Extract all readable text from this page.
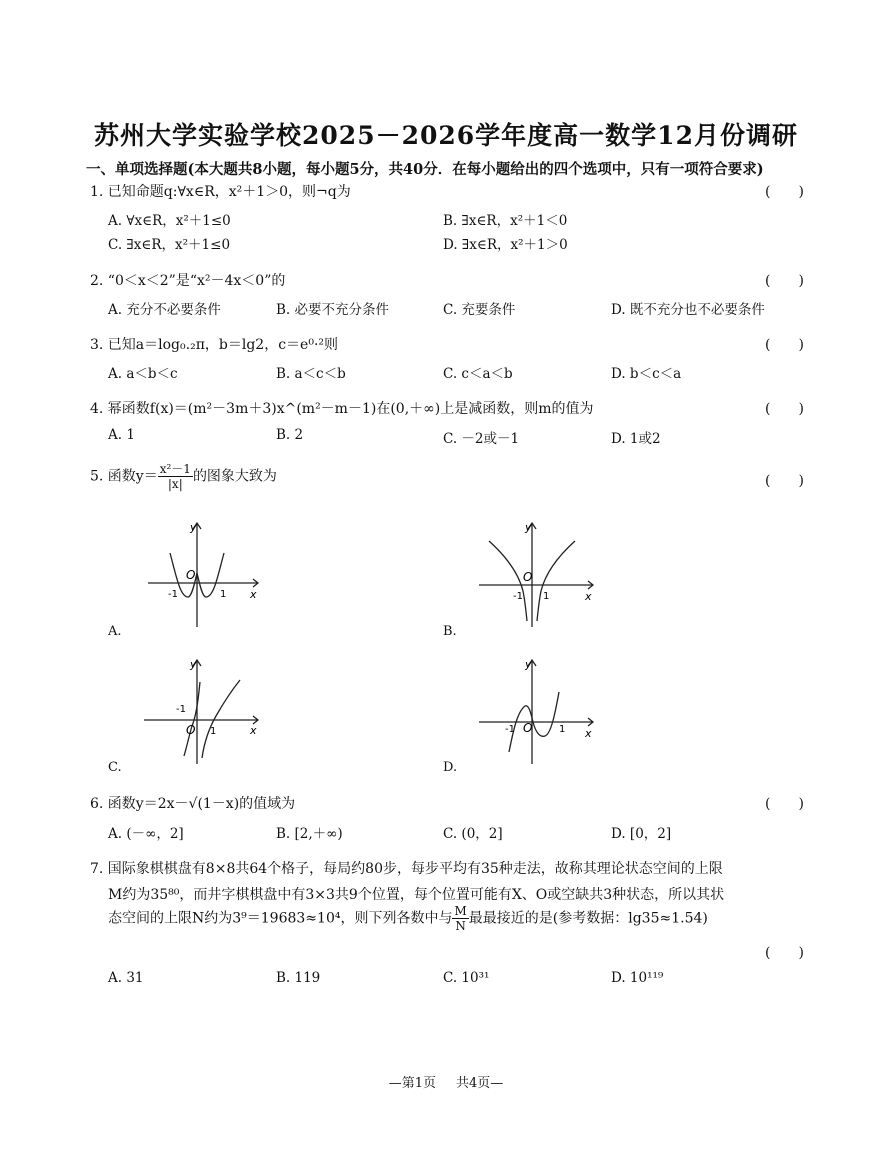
苏州大学实验学校2025－2026学年度高一数学12月份调研
一、单项选择题(本大题共8小题，每小题5分，共40分．在每小题给出的四个选项中，只有一项符合要求)
1. 已知命题q:∀x∈R，x²＋1＞0，则¬q为	(　　)
A. ∀x∈R，x²＋1≤0	B. ∃x∈R，x²＋1＜0
C. ∃x∈R，x²＋1≤0	D. ∃x∈R，x²＋1＞0
2. “0＜x＜2”是“x²－4x＜0”的	(　　)
A. 充分不必要条件	B. 必要不充分条件	C. 充要条件	D. 既不充分也不必要条件
3. 已知a＝log₀.₂π，b＝lg2，c＝e⁰·²则	(　　)
A. a＜b＜c	B. a＜c＜b	C. c＜a＜b	D. b＜c＜a
4. 幂函数f(x)＝(m²－3m＋3)x^(m²－m－1)在(0,＋∞)上是减函数，则m的值为	(　　)
A. 1	B. 2	C. －2或－1	D. 1或2
5. 函数$y= \frac{\text{x²－1}}{|x|}$ 的图象大致为	(　　)
y
x
O
-1	1
A.
y
x
O
-1 1
B.
y
x
O
-1
1
C.
y
x
O
-1	1
D.
6. 函数y＝2x－√(1－x)的值域为	(　　)
A. (－∞，2]	B. [2,＋∞)	C. (0，2]	D. [0，2]
7. 国际象棋棋盘有8×8共64个格子，每局约80步，每步平均有35种走法，故称其理论状态空间的上限
M约为35⁸⁰，而井字棋棋盘中有3×3共9个位置，每个位置可能有X、O或空缺共3种状态，所以其状
态空间的上限N约为3⁹＝19683≈10⁴，则下列各数中与 $\frac{M}{N}$ 最最接近的是(参考数据：lg35≈1.54)
(　　)
A. 31	B. 119	C. 10³¹	D. 10¹¹⁹
—第1页 共4页—
